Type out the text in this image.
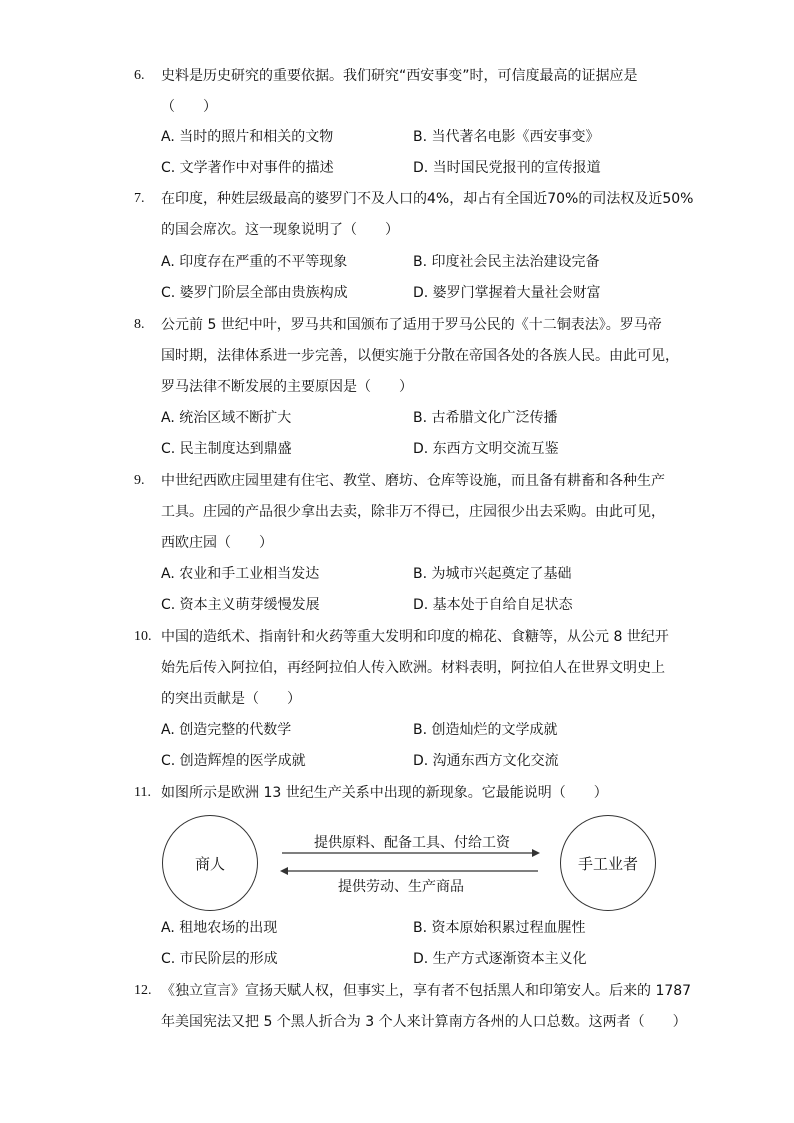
6. 史料是历史研究的重要依据。我们研究“西安事变”时，可信度最高的证据应是
（　　）
A. 当时的照片和相关的文物	B. 当代著名电影《西安事变》
C. 文学著作中对事件的描述	D. 当时国民党报刊的宣传报道
7. 在印度，种姓层级最高的婆罗门不及人口的4%，却占有全国近70%的司法权及近50%
的国会席次。这一现象说明了（　　）
A. 印度存在严重的不平等现象	B. 印度社会民主法治建设完备
C. 婆罗门阶层全部由贵族构成	D. 婆罗门掌握着大量社会财富
8. 公元前 5 世纪中叶，罗马共和国颁布了适用于罗马公民的《十二铜表法》。罗马帝
国时期，法律体系进一步完善，以便实施于分散在帝国各处的各族人民。由此可见，
罗马法律不断发展的主要原因是（　　）
A. 统治区域不断扩大	B. 古希腊文化广泛传播
C. 民主制度达到鼎盛	D. 东西方文明交流互鉴
9. 中世纪西欧庄园里建有住宅、教堂、磨坊、仓库等设施，而且备有耕畜和各种生产
工具。庄园的产品很少拿出去卖，除非万不得已，庄园很少出去采购。由此可见，
西欧庄园（　　）
A. 农业和手工业相当发达	B. 为城市兴起奠定了基础
C. 资本主义萌芽缓慢发展	D. 基本处于自给自足状态
10. 中国的造纸术、指南针和火药等重大发明和印度的棉花、食糖等，从公元 8 世纪开
始先后传入阿拉伯，再经阿拉伯人传入欧洲。材料表明，阿拉伯人在世界文明史上
的突出贡献是（　　）
A. 创造完整的代数学	B. 创造灿烂的文学成就
C. 创造辉煌的医学成就	D. 沟通东西方文化交流
11. 如图所示是欧洲 13 世纪生产关系中出现的新现象。它最能说明（　　）
商人	手工业者
提供原料、配备工具、付给工资
提供劳动、生产商品
A. 租地农场的出现	B. 资本原始积累过程血腥性
C. 市民阶层的形成	D. 生产方式逐渐资本主义化
12. 《独立宣言》宣扬天赋人权，但事实上，享有者不包括黑人和印第安人。后来的 1787
年美国宪法又把 5 个黑人折合为 3 个人来计算南方各州的人口总数。这两者（　　）
